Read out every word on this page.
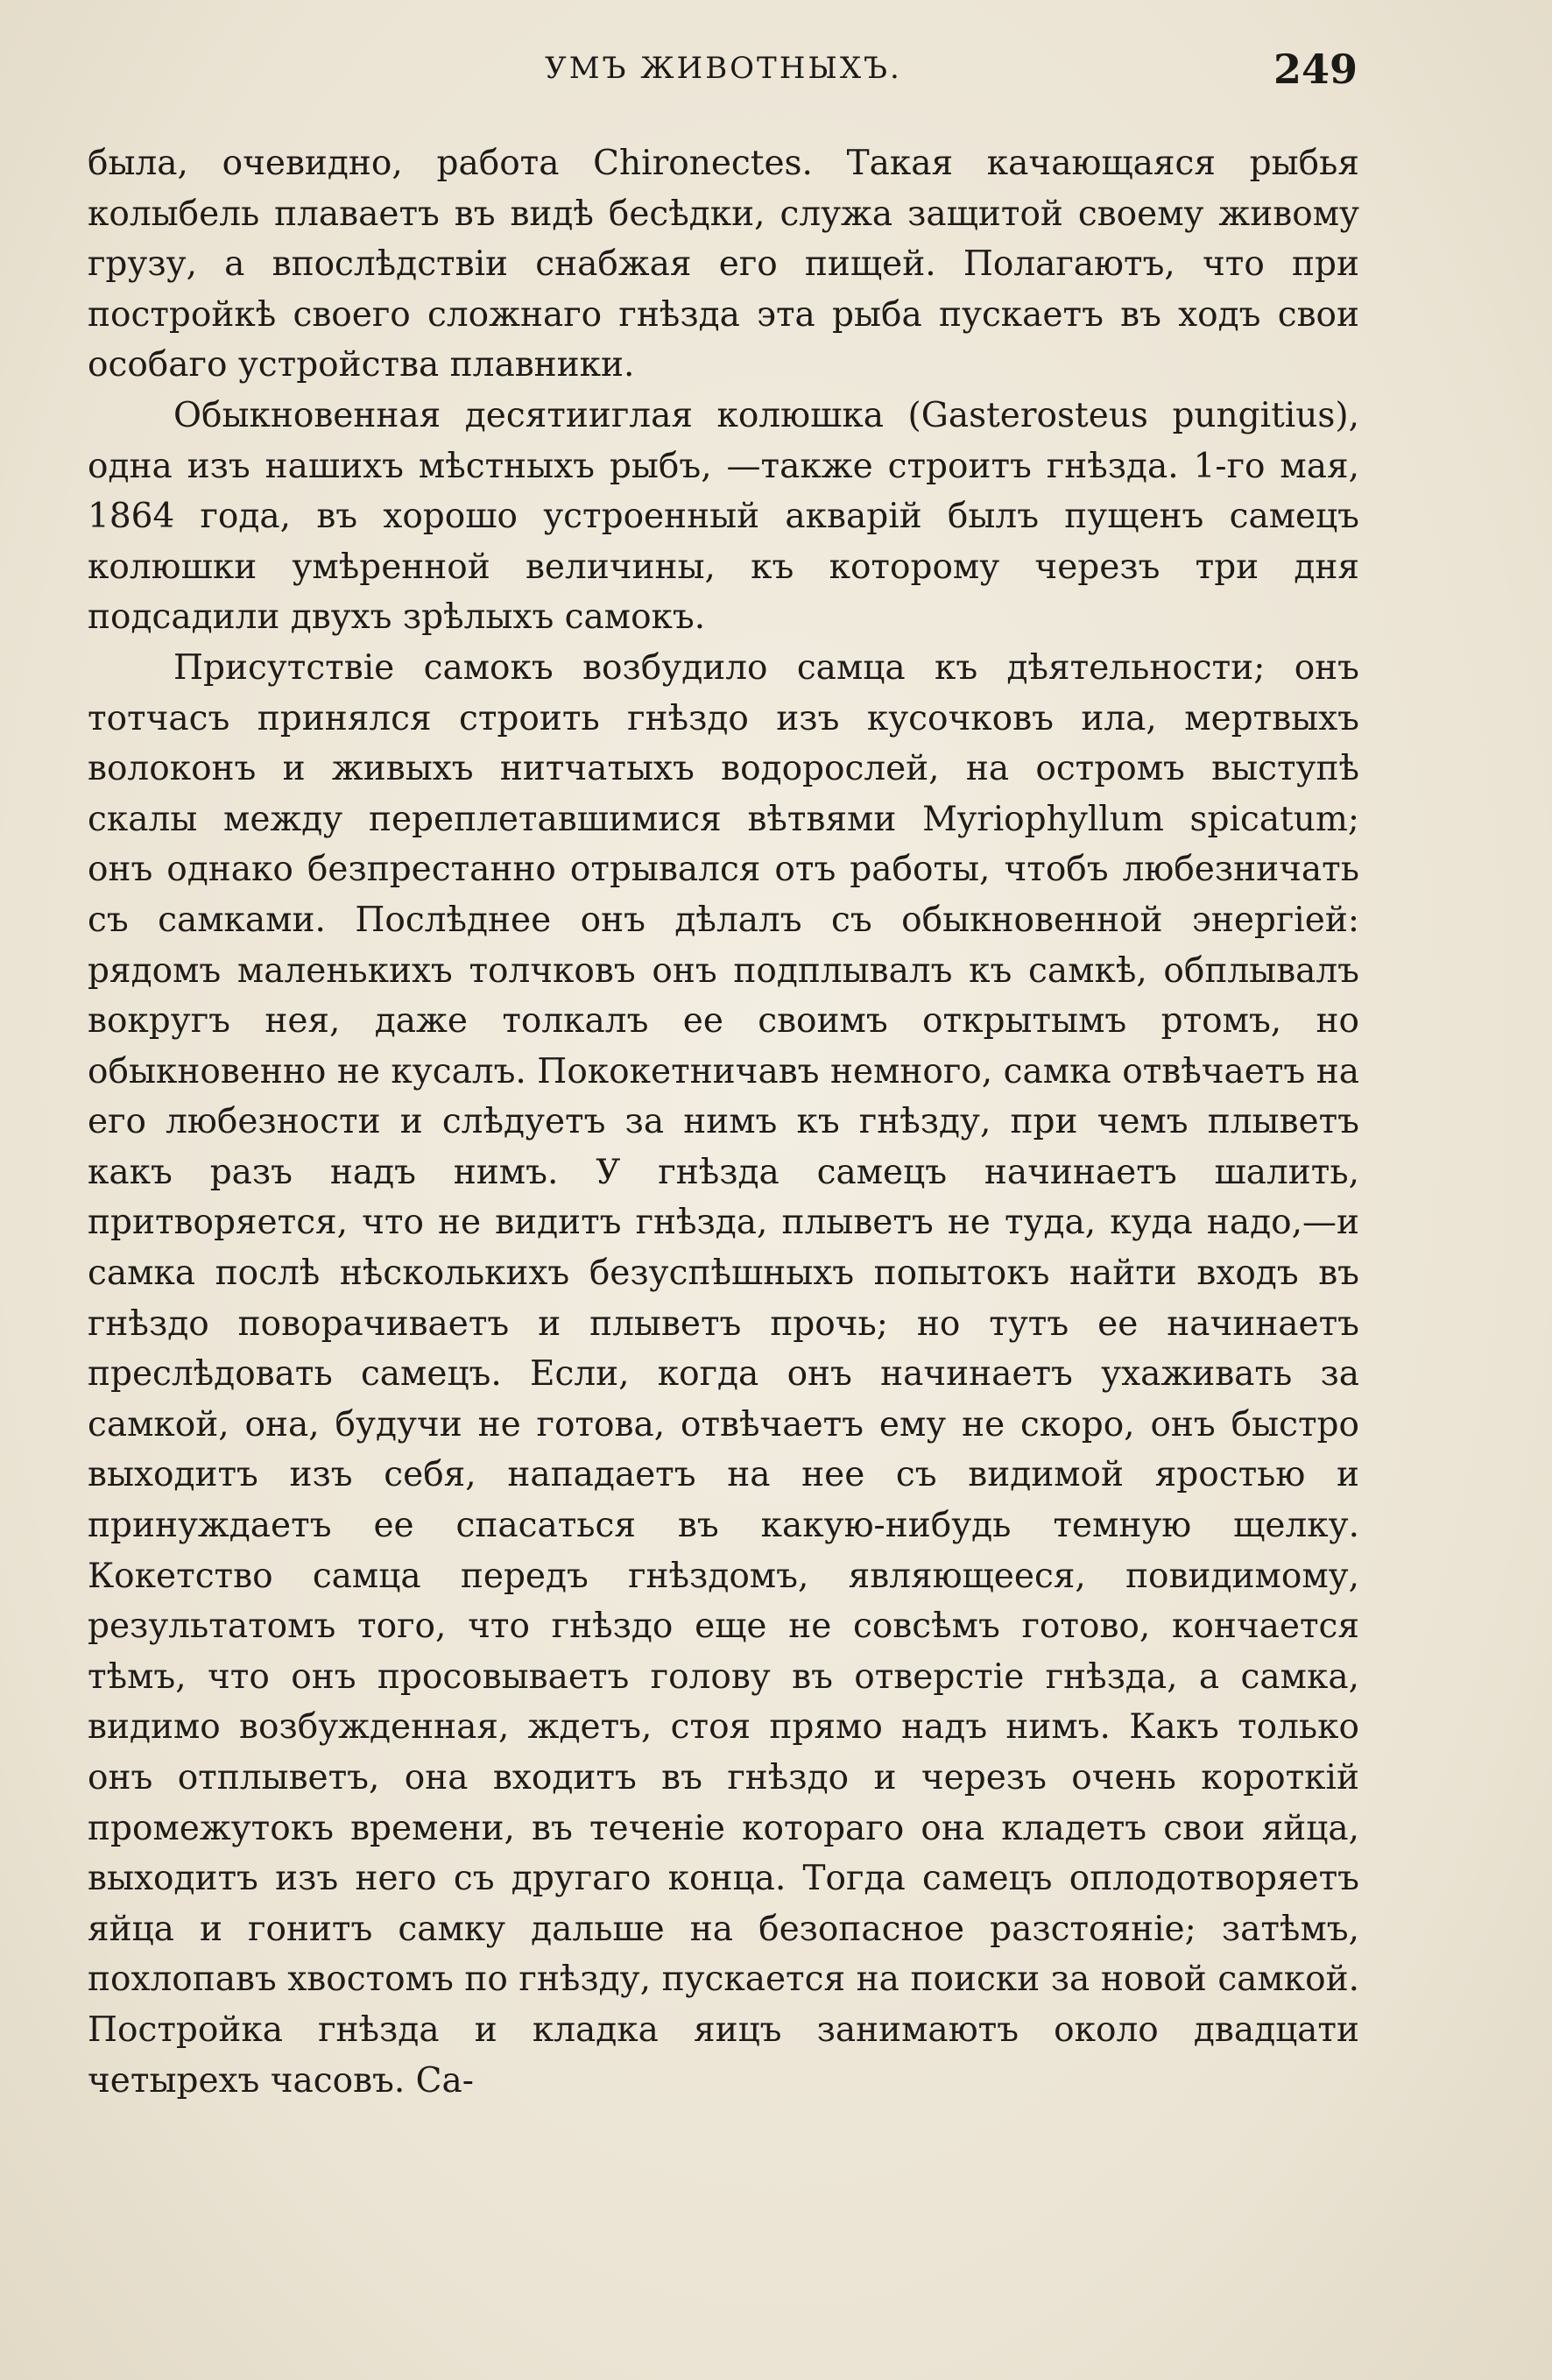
УМЪ ЖИВОТНЫХЪ.	249

была, очевидно, работа Chironectes. Такая качающаяся рыбья колыбель плаваетъ въ видѣ бесѣдки, служа защитой своему живому грузу, а впослѣдствіи снабжая его пищей. Полагаютъ, что при постройкѣ своего сложнаго гнѣзда эта рыба пускаетъ въ ходъ свои особаго устройства плавники.

Обыкновенная десятииглая колюшка (Gasterosteus pungitius), одна изъ нашихъ мѣстныхъ рыбъ, —также строитъ гнѣзда. 1-го мая, 1864 года, въ хорошо устроенный акварій былъ пущенъ самецъ колюшки умѣренной величины, къ которому черезъ три дня подсадили двухъ зрѣлыхъ самокъ.

Присутствіе самокъ возбудило самца къ дѣятельности; онъ тотчасъ принялся строить гнѣздо изъ кусочковъ ила, мертвыхъ волоконъ и живыхъ нитчатыхъ водорослей, на остромъ выступѣ скалы между переплетавшимися вѣтвями Myriophyllum spicatum; онъ однако безпрестанно отрывался отъ работы, чтобъ любезничать съ самками. Послѣднее онъ дѣлалъ съ обыкновенной энергіей: рядомъ маленькихъ толчковъ онъ подплывалъ къ самкѣ, обплывалъ вокругъ нея, даже толкалъ ее своимъ открытымъ ртомъ, но обыкновенно не кусалъ. Пококетничавъ немного, самка отвѣчаетъ на его любезности и слѣдуетъ за нимъ къ гнѣзду, при чемъ плыветъ какъ разъ надъ нимъ. У гнѣзда самецъ начинаетъ шалить, притворяется, что не видитъ гнѣзда, плыветъ не туда, куда надо,—и самка послѣ нѣсколькихъ безуспѣшныхъ попытокъ найти входъ въ гнѣздо поворачиваетъ и плыветъ прочь; но тутъ ее начинаетъ преслѣдовать самецъ. Если, когда онъ начинаетъ ухаживать за самкой, она, будучи не готова, отвѣчаетъ ему не скоро, онъ быстро выходитъ изъ себя, нападаетъ на нее съ видимой яростью и принуждаетъ ее спасаться въ какую-нибудь темную щелку. Кокетство самца передъ гнѣздомъ, являющееся, повидимому, результатомъ того, что гнѣздо еще не совсѣмъ готово, кончается тѣмъ, что онъ просовываетъ голову въ отверстіе гнѣзда, а самка, видимо возбужденная, ждетъ, стоя прямо надъ нимъ. Какъ только онъ отплыветъ, она входитъ въ гнѣздо и черезъ очень короткій промежутокъ времени, въ теченіе котораго она кладетъ свои яйца, выходитъ изъ него съ другаго конца. Тогда самецъ оплодотворяетъ яйца и гонитъ самку дальше на безопасное разстояніе; затѣмъ, похлопавъ хвостомъ по гнѣзду, пускается на поиски за новой самкой. Постройка гнѣзда и кладка яицъ занимаютъ около двадцати четырехъ часовъ. Са-
